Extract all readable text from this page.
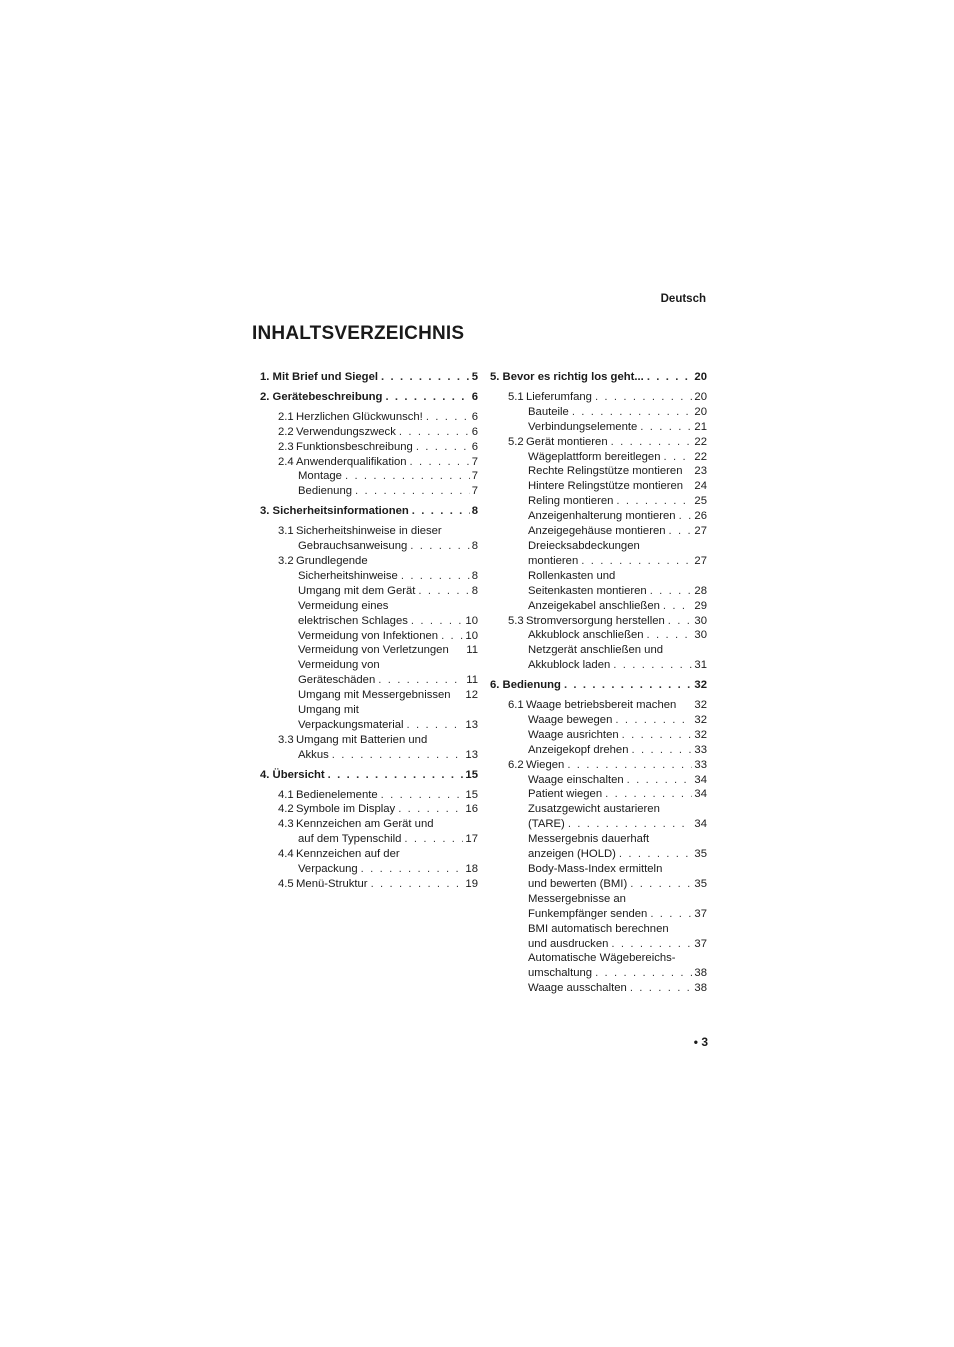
Deutsch
INHALTSVERZEICHNIS
1. Mit Brief und Siegel . . .	5
2. Gerätebeschreibung . . .	6
2.1 Herzlichen Glückwunsch! . . .	6
2.2 Verwendungszweck . . .	6
2.3 Funktionsbeschreibung . . .	6
2.4 Anwenderqualifikation . . .	7
Montage . . .	7
Bedienung . . .	7
3. Sicherheitsinformationen . . .	8
3.1 Sicherheitshinweise in dieser
Gebrauchsanweisung . . .	8
3.2 Grundlegende
Sicherheitshinweise . . .	8
Umgang mit dem Gerät . . .	8
Vermeidung eines
elektrischen Schlages . . .	10
Vermeidung von Infektionen . . . 10
Vermeidung von Verletzungen	11
Vermeidung von
Geräteschäden . . .	11
Umgang mit Messergebnissen	12
Umgang mit
Verpackungsmaterial . . .	13
3.3 Umgang mit Batterien und
Akkus . . .	13
4. Übersicht . . .	15
4.1 Bedienelemente . . .	15
4.2 Symbole im Display . . .	16
4.3 Kennzeichen am Gerät und
auf dem Typenschild . . .	17
4.4 Kennzeichen auf der
Verpackung . . .	18
4.5 Menü-Struktur . . .	19
5. Bevor es richtig los geht... . . .	20
5.1 Lieferumfang . . .	20
Bauteile . . .	20
Verbindungselemente . . .	21
5.2 Gerät montieren . . .	22
Wägeplattform bereitlegen . . .	22
Rechte Relingstütze montieren	23
Hintere Relingstütze montieren	24
Reling montieren . . .	25
Anzeigenhalterung montieren . . . 26
Anzeigegehäuse montieren . . .	27
Dreiecksabdeckungen
montieren . . .	27
Rollenkasten und
Seitenkasten montieren . . .	28
Anzeigekabel anschließen . . .	29
5.3 Stromversorgung herstellen . . .	30
Akkublock anschließen . . .	30
Netzgerät anschließen und
Akkublock laden . . .	31
6. Bedienung . . .	32
6.1 Waage betriebsbereit machen	32
Waage bewegen . . .	32
Waage ausrichten . . .	32
Anzeigekopf drehen . . .	33
6.2 Wiegen . . .	33
Waage einschalten . . .	34
Patient wiegen . . .	34
Zusatzgewicht austarieren
(TARE) . . .	34
Messergebnis dauerhaft
anzeigen (HOLD) . . .	35
Body-Mass-Index ermitteln
und bewerten (BMI) . . .	35
Messergebnisse an
Funkempfänger senden . . .	37
BMI automatisch berechnen
und ausdrucken . . .	37
Automatische Wägebereichs-
umschaltung . . .	38
Waage ausschalten . . .	38
• 3
